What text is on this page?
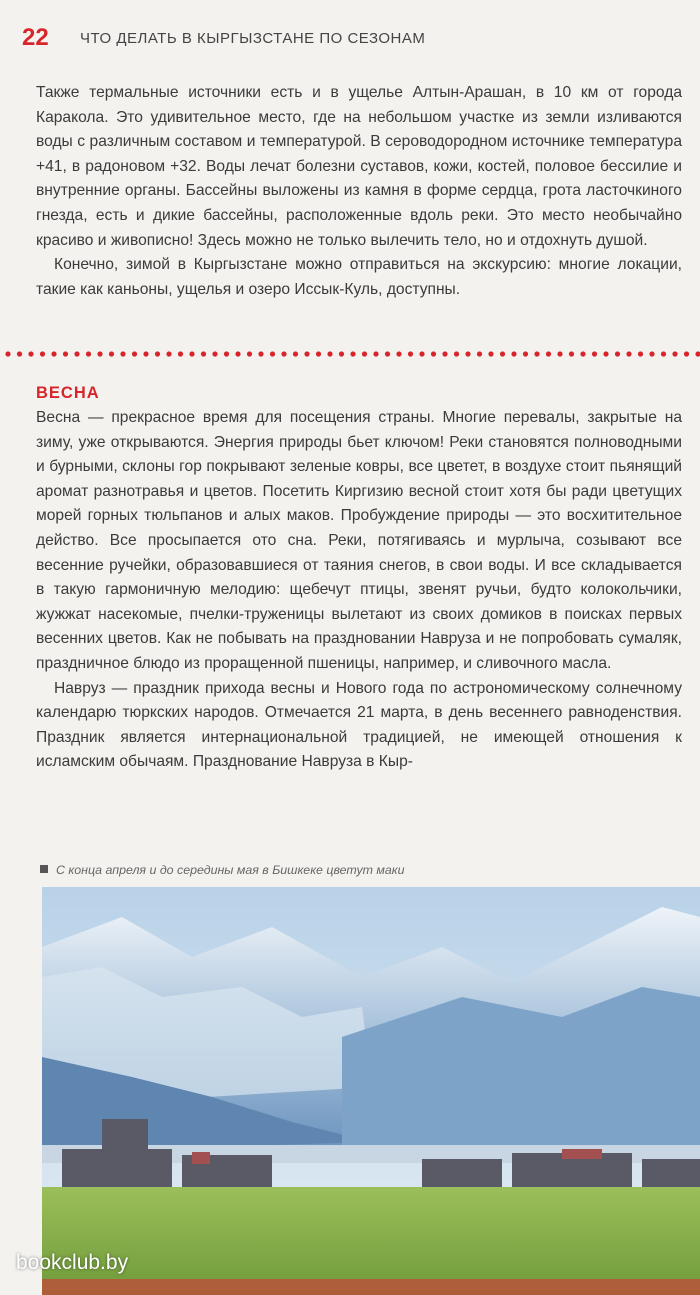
22 ЧТО ДЕЛАТЬ В КЫРГЫЗСТАНЕ ПО СЕЗОНАМ

Также термальные источники есть и в ущелье Алтын-Арашан, в 10 км от города Каракола. Это удивительное место, где на небольшом участке из земли изливаются воды с различным составом и температурой. В сероводородном источнике температура +41, в радоновом +32. Воды лечат болезни суставов, кожи, костей, половое бессилие и внутренние органы. Бассейны выложены из камня в форме сердца, грота ласточкиного гнезда, есть и дикие бассейны, расположенные вдоль реки. Это место необычайно красиво и живописно! Здесь можно не только вылечить тело, но и отдохнуть душой.

Конечно, зимой в Кыргызстане можно отправиться на экскурсию: многие локации, такие как каньоны, ущелья и озеро Иссык-Куль, доступны.

ВЕСНА

Весна — прекрасное время для посещения страны. Многие перевалы, закрытые на зиму, уже открываются. Энергия природы бьет ключом! Реки становятся полноводными и бурными, склоны гор покрывают зеленые ковры, все цветет, в воздухе стоит пьянящий аромат разнотравья и цветов. Посетить Киргизию весной стоит хотя бы ради цветущих морей горных тюльпанов и алых маков. Пробуждение природы — это восхитительное действо. Все просыпается ото сна. Реки, потягиваясь и мурлыча, созывают все весенние ручейки, образовавшиеся от таяния снегов, в свои воды. И все складывается в такую гармоничную мелодию: щебечут птицы, звенят ручьи, будто колокольчики, жужжат насекомые, пчелки-труженицы вылетают из своих домиков в поисках первых весенних цветов. Как не побывать на праздновании Навруза и не попробовать сумаляк, праздничное блюдо из проращенной пшеницы, например, и сливочного масла.

Навруз — праздник прихода весны и Нового года по астрономическому солнечному календарю тюркских народов. Отмечается 21 марта, в день весеннего равноденствия. Праздник является интернациональной традицией, не имеющей отношения к исламским обычаям. Празднование Навруза в Кыр-

С конца апреля и до середины мая в Бишкеке цветут маки
bookclub.by
